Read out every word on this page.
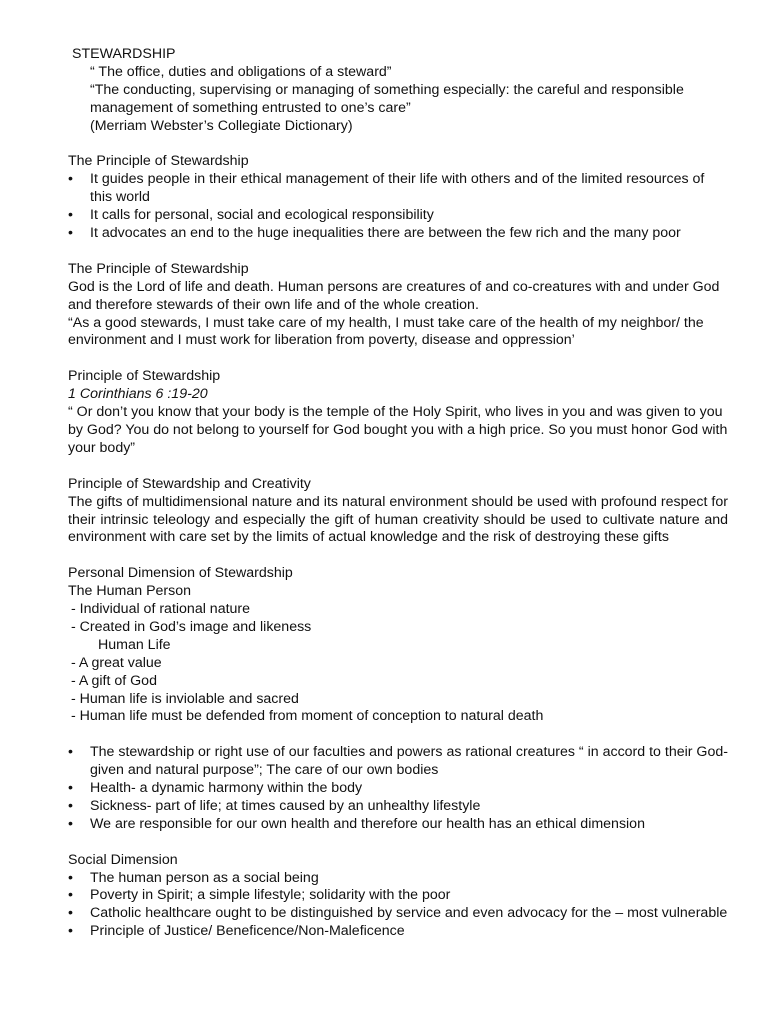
STEWARDSHIP
“ The office, duties and obligations of a steward”
“The conducting, supervising or managing of something especially: the careful and responsible
management of something entrusted to one’s care”
(Merriam Webster’s Collegiate Dictionary)
The Principle of Stewardship
• It guides people in their ethical management of their life with others and of the limited resources of this world
• It calls for personal, social and ecological responsibility
• It advocates an end to the huge inequalities there are between the few rich and the many poor
The Principle of Stewardship
God is the Lord of life and death. Human persons are creatures of and co-creatures with and under God and therefore stewards of their own life and of the whole creation.
“As a good stewards, I must take care of my health, I must take care of the health of my neighbor/ the environment and I must work for liberation from poverty, disease and oppression’
Principle of Stewardship
1 Corinthians 6 :19-20
“ Or don’t you know that your body is the temple of the Holy Spirit, who lives in you and was given to you by God? You do not belong to yourself for God bought you with a high price. So you must honor God with your body”
Principle of Stewardship and Creativity
The gifts of multidimensional nature and its natural environment should be used with profound respect for their intrinsic teleology and especially the gift of human creativity should be used to cultivate nature and environment with care set by the limits of actual knowledge and the risk of destroying these gifts
Personal Dimension of Stewardship
The Human Person
- Individual of rational nature
- Created in God’s image and likeness
Human Life
- A great value
- A gift of God
- Human life is inviolable and sacred
- Human life must be defended from moment of conception to natural death
• The stewardship or right use of our faculties and powers as rational creatures “ in accord to their God-given and natural purpose”; The care of our own bodies
• Health- a dynamic harmony within the body
• Sickness- part of life; at times caused by an unhealthy lifestyle
• We are responsible for our own health and therefore our health has an ethical dimension
Social Dimension
• The human person as a social being
• Poverty in Spirit; a simple lifestyle; solidarity with the poor
• Catholic healthcare ought to be distinguished by service and even advocacy for the – most vulnerable
• Principle of Justice/ Beneficence/Non-Maleficence
